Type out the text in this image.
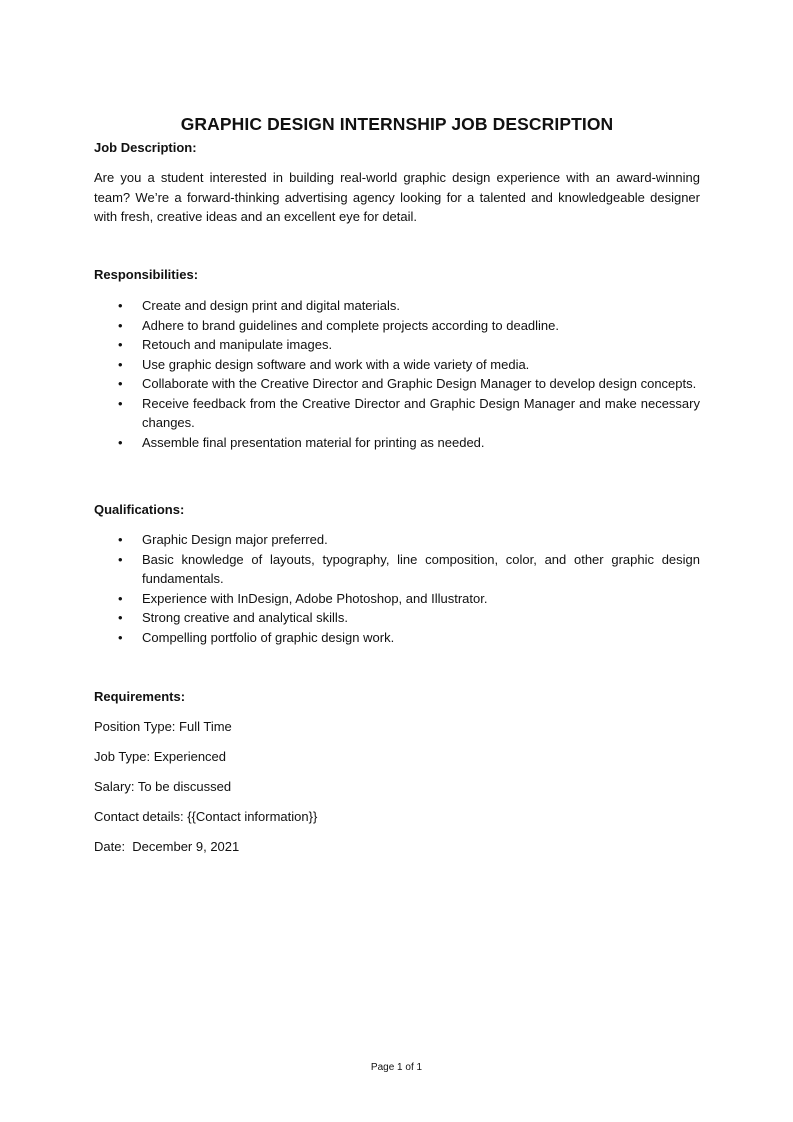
GRAPHIC DESIGN INTERNSHIP JOB DESCRIPTION

Job Description:

Are you a student interested in building real-world graphic design experience with an award-winning team? We’re a forward-thinking advertising agency looking for a talented and knowledgeable designer with fresh, creative ideas and an excellent eye for detail.

Responsibilities:

• Create and design print and digital materials.
• Adhere to brand guidelines and complete projects according to deadline.
• Retouch and manipulate images.
• Use graphic design software and work with a wide variety of media.
• Collaborate with the Creative Director and Graphic Design Manager to develop design concepts.
• Receive feedback from the Creative Director and Graphic Design Manager and make necessary changes.
• Assemble final presentation material for printing as needed.

Qualifications:

• Graphic Design major preferred.
• Basic knowledge of layouts, typography, line composition, color, and other graphic design fundamentals.
• Experience with InDesign, Adobe Photoshop, and Illustrator.
• Strong creative and analytical skills.
• Compelling portfolio of graphic design work.

Requirements:

Position Type: Full Time

Job Type: Experienced

Salary: To be discussed

Contact details: {{Contact information}}

Date:  December 9, 2021

Page 1 of 1
